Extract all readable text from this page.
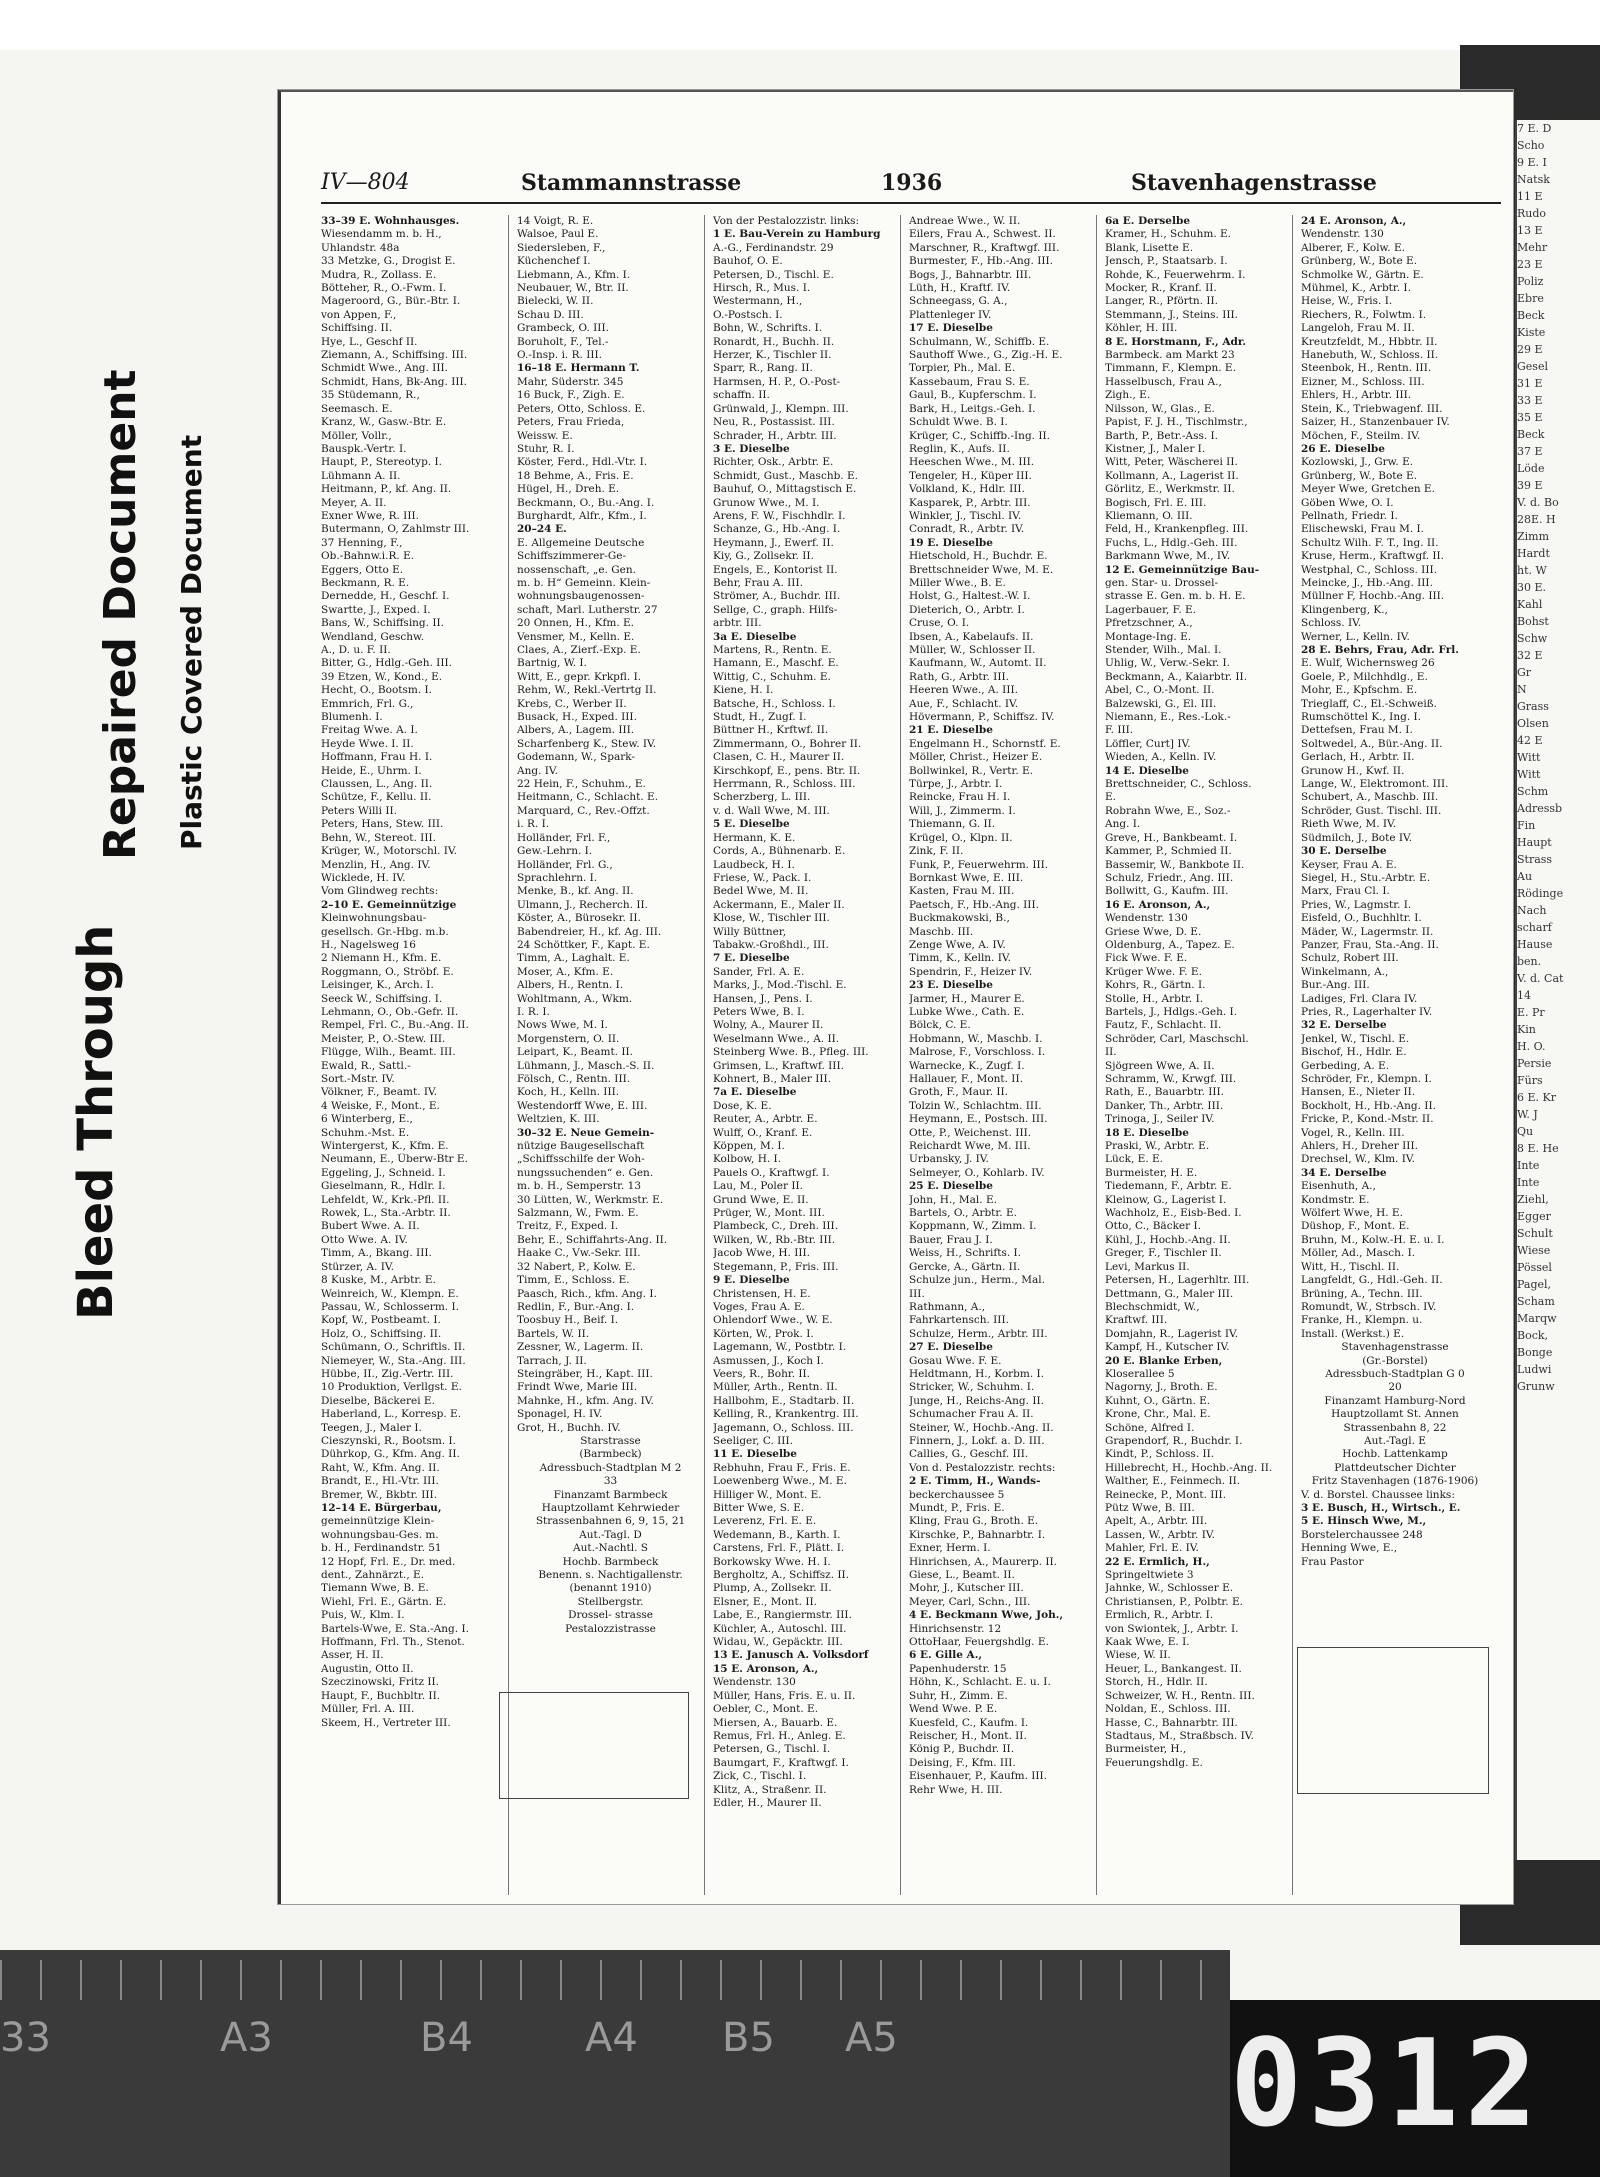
Bleed Through
Repaired Document Plastic Covered Document
IV—804	Stammannstrasse	1936	Stavenhagenstrasse
33–39 E. Wohnhausges.
Wiesendamm m. b. H.,
Uhlandstr. 48a
33 Metzke, G., Drogist E.
Mudra, R., Zollass. E.
Bötteher, R., O.-Fwm. I.
Mageroord, G., Bür.-Btr. I.
von Appen, F.,
Schiffsing. II.
Hye, L., Geschf II.
Ziemann, A., Schiffsing. III.
Schmidt Wwe., Ang. III.
Schmidt, Hans, Bk-Ang. III.
35 Stüdemann, R.,
Seemasch. E.
Kranz, W., Gasw.-Btr. E.
Möller, Vollr.,
Bauspk.-Vertr. I.
Haupt, P., Stereotyp. I.
Lühmann A. II.
Heitmann, P., kf. Ang. II.
Meyer, A. II.
Exner Wwe, R. III.
Butermann, O, Zahlmstr III.
37 Henning, F.,
Ob.-Bahnw.i.R. E.
Eggers, Otto E.
Beckmann, R. E.
Dernedde, H., Geschf. I.
Swartte, J., Exped. I.
Bans, W., Schiffsing. II.
Wendland, Geschw.
A., D. u. F. II.
Bitter, G., Hdlg.-Geh. III.
39 Etzen, W., Kond., E.
Hecht, O., Bootsm. I.
Emmrich, Frl. G.,
Blumenh. I.
Freitag Wwe. A. I.
Heyde Wwe. I. II.
Hoffmann, Frau H. I.
Heide, E., Uhrm. I.
Claussen, L., Ang. II.
Schütze, F., Kellu. II.
Peters Willi II.
Peters, Hans, Stew. III.
Behn, W., Stereot. III.
Krüger, W., Motorschl. IV.
Menzlin, H., Ang. IV.
Wicklede, H. IV.
Vom Glindweg rechts:
2–10 E. Gemeinnützige
Kleinwohnungsbau-
gesellsch. Gr.-Hbg. m.b.
H., Nagelsweg 16
2 Niemann H., Kfm. E.
Roggmann, O., Ströbf. E.
Leisinger, K., Arch. I.
Seeck W., Schiffsing. I.
Lehmann, O., Ob.-Gefr. II.
Rempel, Frl. C., Bu.-Ang. II.
Meister, P., O.-Stew. III.
Flügge, Wilh., Beamt. III.
Ewald, R., Sattl.-
Sort.-Mstr. IV.
Völkner, F., Beamt. IV.
4 Weiske, F., Mont., E.
6 Winterberg, E.,
Schuhm.-Mst. E.
Wintergerst, K., Kfm. E.
Neumann, E., Überw-Btr E.
Eggeling, J., Schneid. I.
Gieselmann, R., Hdlr. I.
Lehfeldt, W., Krk.-Pfl. II.
Rowek, L., Sta.-Arbtr. II.
Bubert Wwe. A. II.
Otto Wwe. A. IV.
Timm, A., Bkang. III.
Stürzer, A. IV.
8 Kuske, M., Arbtr. E.
Weinreich, W., Klempn. E.
Passau, W., Schlosserm. I.
Kopf, W., Postbeamt. I.
Holz, O., Schiffsing. II.
Schümann, O., Schriftls. II.
Niemeyer, W., Sta.-Ang. III.
Hübbe, II., Zig.-Vertr. III.
10 Produktion, Verllgst. E.
Dieselbe, Bäckerei E.
Haberland, L., Korresp. E.
Teegen, J., Maler I.
Cieszynski, R., Bootsm. I.
Dührkop, G., Kfm. Ang. II.
Raht, W., Kfm. Ang. II.
Brandt, E., Hl.-Vtr. III.
Bremer, W., Bkbtr. III.
12–14 E. Bürgerbau,
gemeinnützige Klein-
wohnungsbau-Ges. m.
b. H., Ferdinandstr. 51
12 Hopf, Frl. E., Dr. med.
dent., Zahnärzt., E.
Tiemann Wwe, B. E.
Wiehl, Frl. E., Gärtn. E.
Puis, W., Klm. I.
Bartels-Wwe, E. Sta.-Ang. I.
Hoffmann, Frl. Th., Stenot.
Asser, H. II.
Augustin, Otto II.
Szeczinowski, Fritz II.
Haupt, F., Buchbltr. II.
Müller, Frl. A. III.
Skeem, H., Vertreter III.
14 Voigt, R. E.
Walsoe, Paul E.
Siedersleben, F.,
Küchenchef I.
Liebmann, A., Kfm. I.
Neubauer, W., Btr. II.
Bielecki, W. II.
Schau D. III.
Grambeck, O. III.
Boruholt, F., Tel.-
O.-Insp. i. R. III.
16–18 E. Hermann T.
Mahr, Süderstr. 345
16 Buck, F., Zigh. E.
Peters, Otto, Schloss. E.
Peters, Frau Frieda,
Weissw. E.
Stuhr, R. I.
Köster, Ferd., Hdl.-Vtr. I.
18 Behme, A., Fris. E.
Hügel, H., Dreh. E.
Beckmann, O., Bu.-Ang. I.
Burghardt, Alfr., Kfm., I.
20–24 E.
E. Allgemeine Deutsche
Schiffszimmerer-Ge-
nossenschaft, „e. Gen.
m. b. H“ Gemeinn. Klein-
wohnungsbaugenossen-
schaft, Marl. Lutherstr. 27
20 Onnen, H., Kfm. E.
Vensmer, M., Kelln. E.
Claes, A., Zierf.-Exp. E.
Bartnig, W. I.
Witt, E., gepr. Krkpfl. I.
Rehm, W., Rekl.-Vertrtg II.
Krebs, C., Werber II.
Busack, H., Exped. III.
Albers, A., Lagem. III.
Scharfenberg K., Stew. IV.
Godemann, W., Spark-
Ang. IV.
22 Hein, F., Schuhm., E.
Heitmann, C., Schlacht. E.
Marquard, C., Rev.-Offzt.
i. R. I.
Holländer, Frl. F.,
Gew.-Lehrn. I.
Holländer, Frl. G.,
Sprachlehrn. I.
Menke, B., kf. Ang. II.
Ulmann, J., Recherch. II.
Köster, A., Bürosekr. II.
Babendreier, H., kf. Ag. III.
24 Schöttker, F., Kapt. E.
Timm, A., Laghalt. E.
Moser, A., Kfm. E.
Albers, H., Rentn. I.
Wohltmann, A., Wkm.
I. R. I.
Nows Wwe, M. I.
Morgenstern, O. II.
Leipart, K., Beamt. II.
Lühmann, J., Masch.-S. II.
Fölsch, C., Rentn. III.
Koch, H., Kelln. III.
Westendorff Wwe, E. III.
Weltzien, K. III.
30–32 E. Neue Gemein-
nützige Baugesellschaft
„Schiffsschilfe der Woh-
nungssuchenden“ e. Gen.
m. b. H., Semperstr. 13
30 Lütten, W., Werkmstr. E.
Salzmann, W., Fwm. E.
Treitz, F., Exped. I.
Behr, E., Schiffahrts-Ang. II.
Haake C., Vw.-Sekr. III.
32 Nabert, P., Kolw. E.
Timm, E., Schloss. E.
Paasch, Rich., kfm. Ang. I.
Redlin, F., Bur.-Ang. I.
Toosbuy H., Beif. I.
Bartels, W. II.
Zessner, W., Lagerm. II.
Tarrach, J. II.
Steingräber, H., Kapt. III.
Frindt Wwe, Marie III.
Mahnke, H., kfm. Ang. IV.
Sponagel, H. IV.
Grot, H., Buchh. IV.
Starstrasse
(Barmbeck)
Adressbuch-Stadtplan M 2
33
Finanzamt Barmbeck
Hauptzollamt Kehrwieder
Strassenbahnen 6, 9, 15, 21
Aut.-Tagl. D
Aut.-Nachtl. S
Hochb. Barmbeck
Benenn. s. Nachtigallenstr.
(benannt 1910)
Stellbergstr.
Drossel- strasse
Pestalozzistrasse
Von der Pestalozzistr. links:
1 E. Bau-Verein zu Hamburg
A.-G., Ferdinandstr. 29
Bauhof, O. E.
Petersen, D., Tischl. E.
Hirsch, R., Mus. I.
Westermann, H.,
O.-Postsch. I.
Bohn, W., Schrifts. I.
Ronardt, H., Buchh. II.
Herzer, K., Tischler II.
Sparr, R., Rang. II.
Harmsen, H. P., O.-Post-
schaffn. II.
Grünwald, J., Klempn. III.
Neu, R., Postassist. III.
Schrader, H., Arbtr. III.
3 E. Dieselbe
Richter, Osk., Arbtr. E.
Schmidt, Gust., Maschb. E.
Bauhuf, O., Mittagstisch E.
Grunow Wwe., M. I.
Arens, F. W., Fischhdlr. I.
Schanze, G., Hb.-Ang. I.
Heymann, J., Ewerf. II.
Kiy, G., Zollsekr. II.
Engels, E., Kontorist II.
Behr, Frau A. III.
Strömer, A., Buchdr. III.
Sellge, C., graph. Hilfs-
arbtr. III.
3a E. Dieselbe
Martens, R., Rentn. E.
Hamann, E., Maschf. E.
Wittig, C., Schuhm. E.
Kiene, H. I.
Batsche, H., Schloss. I.
Studt, H., Zugf. I.
Büttner H., Krftwf. II.
Zimmermann, O., Bohrer II.
Clasen, C. H., Maurer II.
Kirschkopf, E., pens. Btr. II.
Herrmann, R., Schloss. III.
Scherzberg, L. III.
v. d. Wall Wwe, M. III.
5 E. Dieselbe
Hermann, K. E.
Cords, A., Bühnenarb. E.
Laudbeck, H. I.
Friese, W., Pack. I.
Bedel Wwe, M. II.
Ackermann, E., Maler II.
Klose, W., Tischler III.
Willy Büttner,
Tabakw.-Großhdl., III.
7 E. Dieselbe
Sander, Frl. A. E.
Marks, J., Mod.-Tischl. E.
Hansen, J., Pens. I.
Peters Wwe, B. I.
Wolny, A., Maurer II.
Weselmann Wwe., A. II.
Steinberg Wwe. B., Pfleg. III.
Grimsen, L., Kraftwf. III.
Kohnert, B., Maler III.
7a E. Dieselbe
Dose, K. E.
Reuter, A., Arbtr. E.
Wulff, O., Kranf. E.
Köppen, M. I.
Kolbow, H. I.
Pauels O., Kraftwgf. I.
Lau, M., Poler II.
Grund Wwe, E. II.
Prüger, W., Mont. III.
Plambeck, C., Dreh. III.
Wilken, W., Rb.-Btr. III.
Jacob Wwe, H. III.
Stegemann, P., Fris. III.
9 E. Dieselbe
Christensen, H. E.
Voges, Frau A. E.
Ohlendorf Wwe., W. E.
Körten, W., Prok. I.
Lagemann, W., Postbtr. I.
Asmussen, J., Koch I.
Veers, R., Bohr. II.
Müller, Arth., Rentn. II.
Hallbohm, E., Stadtarb. II.
Kelling, R., Krankentrg. III.
Jagemann, O., Schloss. III.
Seeliger, C. III.
11 E. Dieselbe
Rebhuhn, Frau F., Fris. E.
Loewenberg Wwe., M. E.
Hilliger W., Mont. E.
Bitter Wwe, S. E.
Leverenz, Frl. E. E.
Wedemann, B., Karth. I.
Carstens, Frl. F., Plätt. I.
Borkowsky Wwe. H. I.
Bergholtz, A., Schiffsz. II.
Plump, A., Zollsekr. II.
Elsner, E., Mont. II.
Labe, E., Rangiermstr. III.
Küchler, A., Autoschl. III.
Widau, W., Gepäcktr. III.
13 E. Janusch A. Volksdorf
15 E. Aronson, A.,
Wendenstr. 130
Müller, Hans, Fris. E. u. II.
Oebler, C., Mont. E.
Miersen, A., Bauarb. E.
Remus, Frl. H., Anleg. E.
Petersen, G., Tischl. I.
Baumgart, F., Kraftwgf. I.
Zick, C., Tischl. I.
Klitz, A., Straßenr. II.
Edler, H., Maurer II.
Andreae Wwe., W. II.
Eilers, Frau A., Schwest. II.
Marschner, R., Kraftwgf. III.
Burmester, F., Hb.-Ang. III.
Bogs, J., Bahnarbtr. III.
Lüth, H., Kraftf. IV.
Schneegass, G. A.,
Plattenleger IV.
17 E. Dieselbe
Schulmann, W., Schiffb. E.
Sauthoff Wwe., G., Zig.-H. E.
Torpier, Ph., Mal. E.
Kassebaum, Frau S. E.
Gaul, B., Kupferschm. I.
Bark, H., Leitgs.-Geh. I.
Schuldt Wwe. B. I.
Krüger, C., Schiffb.-Ing. II.
Reglin, K., Aufs. II.
Heeschen Wwe., M. III.
Tengeler, H., Küper III.
Volkland, K., Hdlr. III.
Kasparek, P., Arbtr. III.
Winkler, J., Tischl. IV.
Conradt, R., Arbtr. IV.
19 E. Dieselbe
Hietschold, H., Buchdr. E.
Brettschneider Wwe, M. E.
Miller Wwe., B. E.
Holst, G., Haltest.-W. I.
Dieterich, O., Arbtr. I.
Cruse, O. I.
Ibsen, A., Kabelaufs. II.
Müller, W., Schlosser II.
Kaufmann, W., Automt. II.
Rath, G., Arbtr. III.
Heeren Wwe., A. III.
Aue, F., Schlacht. IV.
Hövermann, P., Schiffsz. IV.
21 E. Dieselbe
Engelmann H., Schornstf. E.
Möller, Christ., Heizer E.
Bollwinkel, R., Vertr. E.
Türpe, J., Arbtr. I.
Reincke, Frau H. I.
Will, J., Zimmerm. I.
Thiemann, G. II.
Krügel, O., Klpn. II.
Zink, F. II.
Funk, P., Feuerwehrm. III.
Bornkast Wwe, E. III.
Kasten, Frau M. III.
Paetsch, F., Hb.-Ang. III.
Buckmakowski, B.,
Maschb. III.
Zenge Wwe, A. IV.
Timm, K., Kelln. IV.
Spendrin, F., Heizer IV.
23 E. Dieselbe
Jarmer, H., Maurer E.
Lubke Wwe., Cath. E.
Bölck, C. E.
Hobmann, W., Maschb. I.
Malrose, F., Vorschloss. I.
Warnecke, K., Zugf. I.
Hallauer, F., Mont. II.
Groth, F., Maur. II.
Tolzin W., Schlachtm. III.
Heymann, E., Postsch. III.
Otte, P., Weichenst. III.
Reichardt Wwe, M. III.
Urbansky, J. IV.
Selmeyer, O., Kohlarb. IV.
25 E. Dieselbe
John, H., Mal. E.
Bartels, O., Arbtr. E.
Koppmann, W., Zimm. I.
Bauer, Frau J. I.
Weiss, H., Schrifts. I.
Gercke, A., Gärtn. II.
Schulze jun., Herm., Mal.
III.
Rathmann, A.,
Fahrkartensch. III.
Schulze, Herm., Arbtr. III.
27 E. Dieselbe
Gosau Wwe. F. E.
Heldtmann, H., Korbm. I.
Stricker, W., Schuhm. I.
Junge, H., Reichs-Ang. II.
Schumacher Frau A. II.
Steiner, W., Hochb.-Ang. II.
Finnern, J., Lokf. a. D. III.
Callies, G., Geschf. III.
Von d. Pestalozzistr. rechts:
2 E. Timm, H., Wands-
beckerchaussee 5
Mundt, P., Fris. E.
Kling, Frau G., Broth. E.
Kirschke, P., Bahnarbtr. I.
Exner, Herm. I.
Hinrichsen, A., Maurerp. II.
Giese, L., Beamt. II.
Mohr, J., Kutscher III.
Meyer, Carl, Schn., III.
4 E. Beckmann Wwe, Joh.,
Hinrichsenstr. 12
OttoHaar, Feuergshdlg. E.
6 E. Gille A.,
Papenhuderstr. 15
Höhn, K., Schlacht. E. u. I.
Suhr, H., Zimm. E.
Wend Wwe. P. E.
Kuesfeld, C., Kaufm. I.
Reischer, H., Mont. II.
König P., Buchdr. II.
Deising, F., Kfm. III.
Eisenhauer, P., Kaufm. III.
Rehr Wwe, H. III.
6a E. Derselbe
Kramer, H., Schuhm. E.
Blank, Lisette E.
Jensch, P., Staatsarb. I.
Rohde, K., Feuerwehrm. I.
Mocker, R., Kranf. II.
Langer, R., Pförtn. II.
Stemmann, J., Steins. III.
Köhler, H. III.
8 E. Horstmann, F., Adr.
Barmbeck. am Markt 23
Timmann, F., Klempn. E.
Hasselbusch, Frau A.,
Zigh., E.
Nilsson, W., Glas., E.
Papist, F. J. H., Tischlmstr.,
Barth, P., Betr.-Ass. I.
Kistner, J., Maler I.
Witt, Peter, Wäscherei II.
Kollmann, A., Lagerist II.
Görlitz, E., Werkmstr. II.
Bogisch, Frl. E. III.
Kliemann, O. III.
Feld, H., Krankenpfleg. III.
Fuchs, L., Hdlg.-Geh. III.
Barkmann Wwe, M., IV.
12 E. Gemeinnützige Bau-
gen. Star- u. Drossel-
strasse E. Gen. m. b. H. E.
Lagerbauer, F. E.
Pfretzschner, A.,
Montage-Ing. E.
Stender, Wilh., Mal. I.
Uhlig, W., Verw.-Sekr. I.
Beckmann, A., Kaiarbtr. II.
Abel, C., O.-Mont. II.
Balzewski, G., El. III.
Niemann, E., Res.-Lok.-
F. III.
Löffler, Curt] IV.
Wieden, A., Kelln. IV.
14 E. Dieselbe
Brettschneider, C., Schloss.
E.
Robrahn Wwe, E., Soz.-
Ang. I.
Greve, H., Bankbeamt. I.
Kammer, P., Schmied II.
Bassemir, W., Bankbote II.
Schulz, Friedr., Ang. III.
Bollwitt, G., Kaufm. III.
16 E. Aronson, A.,
Wendenstr. 130
Griese Wwe, D. E.
Oldenburg, A., Tapez. E.
Fick Wwe. F. E.
Krüger Wwe. F. E.
Kohrs, R., Gärtn. I.
Stolle, H., Arbtr. I.
Bartels, J., Hdlgs.-Geh. I.
Fautz, F., Schlacht. II.
Schröder, Carl, Maschschl.
II.
Sjögreen Wwe, A. II.
Schramm, W., Krwgf. III.
Rath, E., Bauarbtr. III.
Danker, Th., Arbtr. III.
Trinoga, J., Seiler IV.
18 E. Dieselbe
Praski, W., Arbtr. E.
Lück, E. E.
Burmeister, H. E.
Tiedemann, F., Arbtr. E.
Kleinow, G., Lagerist I.
Wachholz, E., Eisb-Bed. I.
Otto, C., Bäcker I.
Kühl, J., Hochb.-Ang. II.
Greger, F., Tischler II.
Levi, Markus II.
Petersen, H., Lagerhltr. III.
Dettmann, G., Maler III.
Blechschmidt, W.,
Kraftwf. III.
Domjahn, R., Lagerist IV.
Kampf, H., Kutscher IV.
20 E. Blanke Erben,
Kloserallee 5
Nagorny, J., Broth. E.
Kuhnt, O., Gärtn. E.
Krone, Chr., Mal. E.
Schöne, Alfred I.
Grapendorf, R., Buchdr. I.
Kindt, P., Schloss. II.
Hillebrecht, H., Hochb.-Ang. II.
Walther, E., Feinmech. II.
Reinecke, P., Mont. III.
Pütz Wwe, B. III.
Apelt, A., Arbtr. III.
Lassen, W., Arbtr. IV.
Mahler, Frl. E. IV.
22 E. Ermlich, H.,
Springeltwiete 3
Jahnke, W., Schlosser E.
Christiansen, P., Polbtr. E.
Ermlich, R., Arbtr. I.
von Swiontek, J., Arbtr. I.
Kaak Wwe, E. I.
Wiese, W. II.
Heuer, L., Bankangest. II.
Storch, H., Hdlr. II.
Schweizer, W. H., Rentn. III.
Noldan, E., Schloss. III.
Hasse, C., Bahnarbtr. III.
Stadtaus, M., Straßbsch. IV.
Burmeister, H.,
Feuerungshdlg. E.
24 E. Aronson, A.,
Wendenstr. 130
Alberer, F., Kolw. E.
Grünberg, W., Bote E.
Schmolke W., Gärtn. E.
Mühmel, K., Arbtr. I.
Heise, W., Fris. I.
Riechers, R., Folwtm. I.
Langeloh, Frau M. II.
Kreutzfeldt, M., Hbbtr. II.
Hanebuth, W., Schloss. II.
Steenbok, H., Rentn. III.
Eizner, M., Schloss. III.
Ehlers, H., Arbtr. III.
Stein, K., Triebwagenf. III.
Saizer, H., Stanzenbauer IV.
Möchen, F., Steilm. IV.
26 E. Dieselbe
Kozlowski, J., Grw. E.
Grünberg, W., Bote E.
Meyer Wwe, Gretchen E.
Göben Wwe, O. I.
Pellnath, Friedr. I.
Elischewski, Frau M. I.
Schultz Wilh. F. T., Ing. II.
Kruse, Herm., Kraftwgf. II.
Westphal, C., Schloss. III.
Meincke, J., Hb.-Ang. III.
Müllner F, Hochb.-Ang. III.
Klingenberg, K.,
Schloss. IV.
Werner, L., Kelln. IV.
28 E. Behrs, Frau, Adr. Frl.
E. Wulf, Wichernsweg 26
Goele, P., Milchhdlg., E.
Mohr, E., Kpfschm. E.
Trieglaff, C., El.-Schweiß.
Rumschöttel K., Ing. I.
Dettefsen, Frau M. I.
Soltwedel, A., Bür.-Ang. II.
Gerlach, H., Arbtr. II.
Grunow H., Kwf. II.
Lange, W., Elektromont. III.
Schubert, A., Maschb. III.
Schröder, Gust. Tischl. III.
Rieth Wwe, M. IV.
Südmilch, J., Bote IV.
30 E. Derselbe
Keyser, Frau A. E.
Siegel, H., Stu.-Arbtr. E.
Marx, Frau Cl. I.
Pries, W., Lagmstr. I.
Eisfeld, O., Buchhltr. I.
Mäder, W., Lagermstr. II.
Panzer, Frau, Sta.-Ang. II.
Schulz, Robert III.
Winkelmann, A.,
Bur.-Ang. III.
Ladiges, Frl. Clara IV.
Pries, R., Lagerhalter IV.
32 E. Derselbe
Jenkel, W., Tischl. E.
Bischof, H., Hdlr. E.
Gerbeding, A. E.
Schröder, Fr., Klempn. I.
Hansen, E., Nieter II.
Bockholt, H., Hb.-Ang. II.
Fricke, P., Kond.-Mstr. II.
Vogel, R., Kelln. III.
Ahlers, H., Dreher III.
Drechsel, W., Klm. IV.
34 E. Derselbe
Eisenhuth, A.,
Kondmstr. E.
Wölfert Wwe, H. E.
Düshop, F., Mont. E.
Bruhn, M., Kolw.-H. E. u. I.
Möller, Ad., Masch. I.
Witt, H., Tischl. II.
Langfeldt, G., Hdl.-Geh. II.
Brüning, A., Techn. III.
Romundt, W., Strbsch. IV.
Franke, H., Klempn. u.
Install. (Werkst.) E.
Stavenhagenstrasse
(Gr.-Borstel)
Adressbuch-Stadtplan G 0
20
Finanzamt Hamburg-Nord
Hauptzollamt St. Annen
Strassenbahn 8, 22
Aut.-Tagl. E
Hochb. Lattenkamp
Plattdeutscher Dichter
Fritz Stavenhagen (1876-1906)
V. d. Borstel. Chaussee links:
3 E. Busch, H., Wirtsch., E.
5 E. Hinsch Wwe, M.,
Borstelerchaussee 248
Henning Wwe, E.,
Frau Pastor
7 E. D
Scho
9 E. I
Natsk
11 E
Rudo
13 E
Mehr
23 E
Poliz
Ebre
Beck
Kiste
29 E
Gesel
31 E
33 E
35 E
Beck
37 E
Löde
39 E
V. d. Bo
28E. H
Zimm
Hardt
ht. W
30 E.
Kahl
Bohst
Schw
32 E
Gr
N
Grass
Olsen
42 E
Witt
Witt
Schm
Adressb
Fin
Haupt
Strass
Au
Rödinge
Nach
scharf
Hause
ben.
V. d. Cat
14
E. Pr
Kin
H. O.
Persie
Fürs
6 E. Kr
W. J
Qu
8 E. He
Inte
Inte
Ziehl,
Egger
Schult
Wiese
Pössel
Pagel,
Scham
Marqw
Bock,
Bonge
Ludwi
Grunw
33	A3	B4	A4 B5 A5	0312
